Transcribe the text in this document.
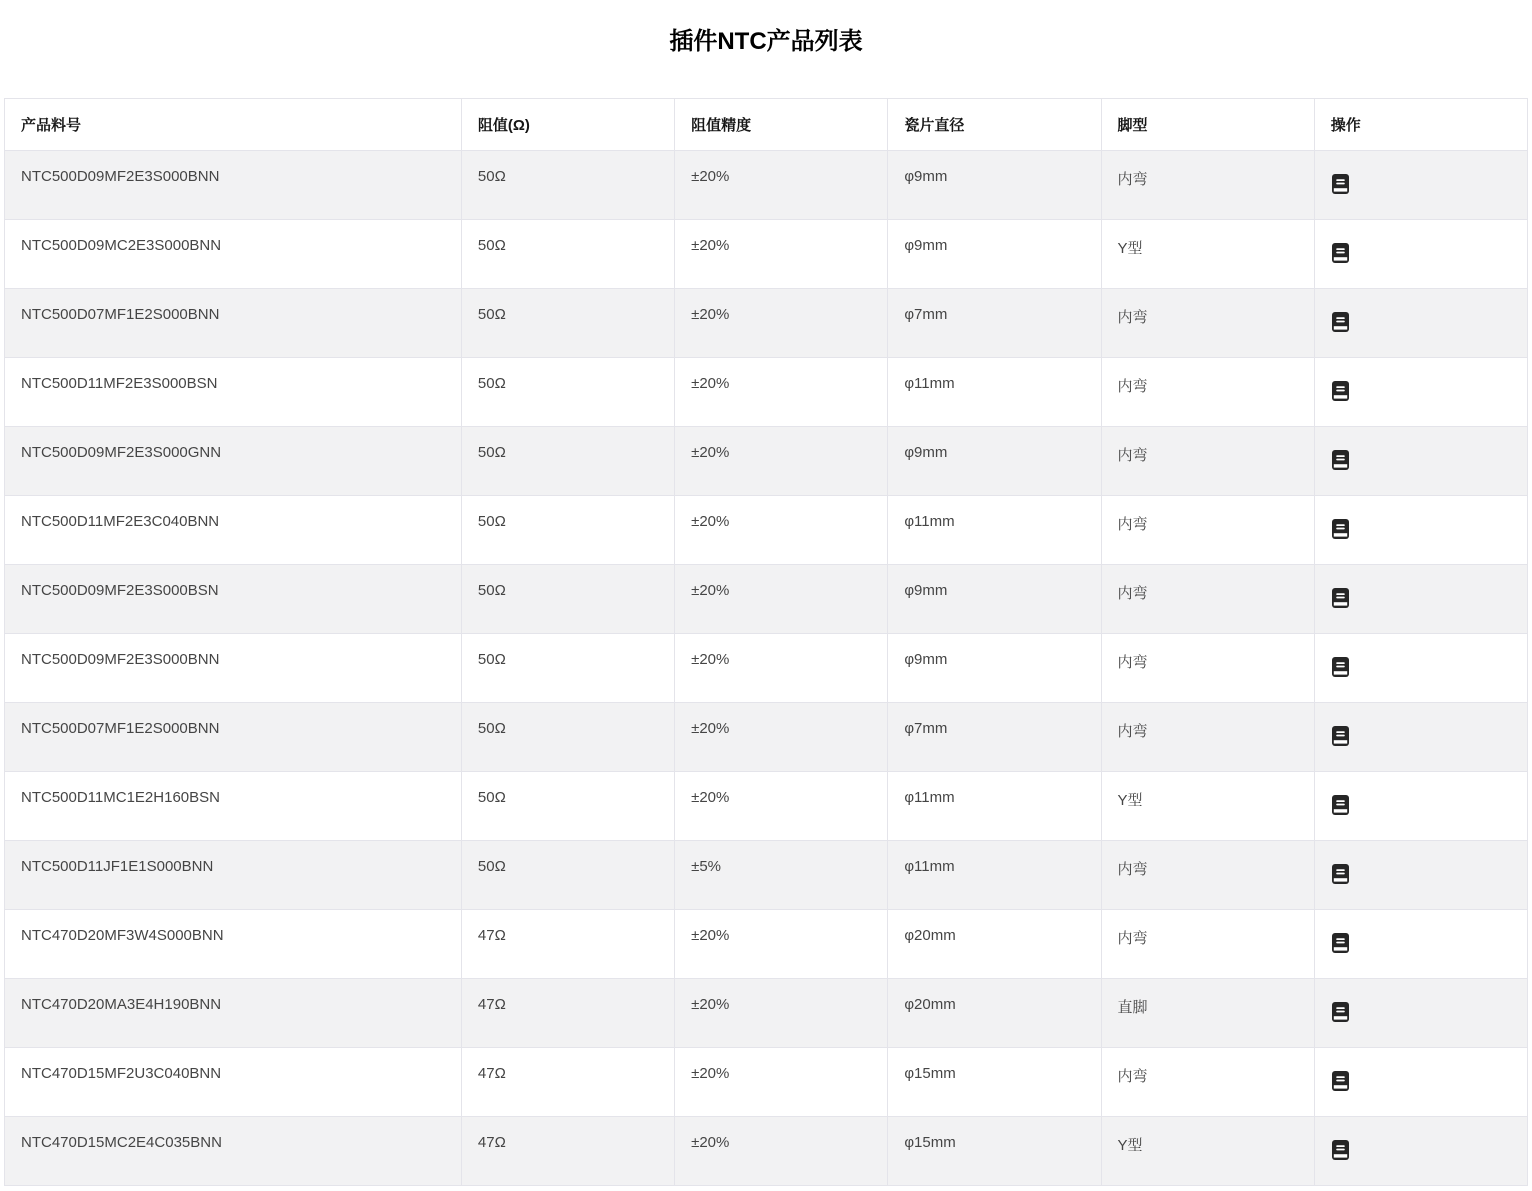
插件NTC产品列表
产品料号	阻值(Ω)	阻值精度	瓷片直径	脚型	操作
NTC500D09MF2E3S000BNN	50Ω	±20%	φ9mm	内弯	
NTC500D09MC2E3S000BNN	50Ω	±20%	φ9mm	Y型	
NTC500D07MF1E2S000BNN	50Ω	±20%	φ7mm	内弯	
NTC500D11MF2E3S000BSN	50Ω	±20%	φ11mm	内弯	
NTC500D09MF2E3S000GNN	50Ω	±20%	φ9mm	内弯	
NTC500D11MF2E3C040BNN	50Ω	±20%	φ11mm	内弯	
NTC500D09MF2E3S000BSN	50Ω	±20%	φ9mm	内弯	
NTC500D09MF2E3S000BNN	50Ω	±20%	φ9mm	内弯	
NTC500D07MF1E2S000BNN	50Ω	±20%	φ7mm	内弯	
NTC500D11MC1E2H160BSN	50Ω	±20%	φ11mm	Y型	
NTC500D11JF1E1S000BNN	50Ω	±5%	φ11mm	内弯	
NTC470D20MF3W4S000BNN	47Ω	±20%	φ20mm	内弯	
NTC470D20MA3E4H190BNN	47Ω	±20%	φ20mm	直脚	
NTC470D15MF2U3C040BNN	47Ω	±20%	φ15mm	内弯	
NTC470D15MC2E4C035BNN	47Ω	±20%	φ15mm	Y型	
